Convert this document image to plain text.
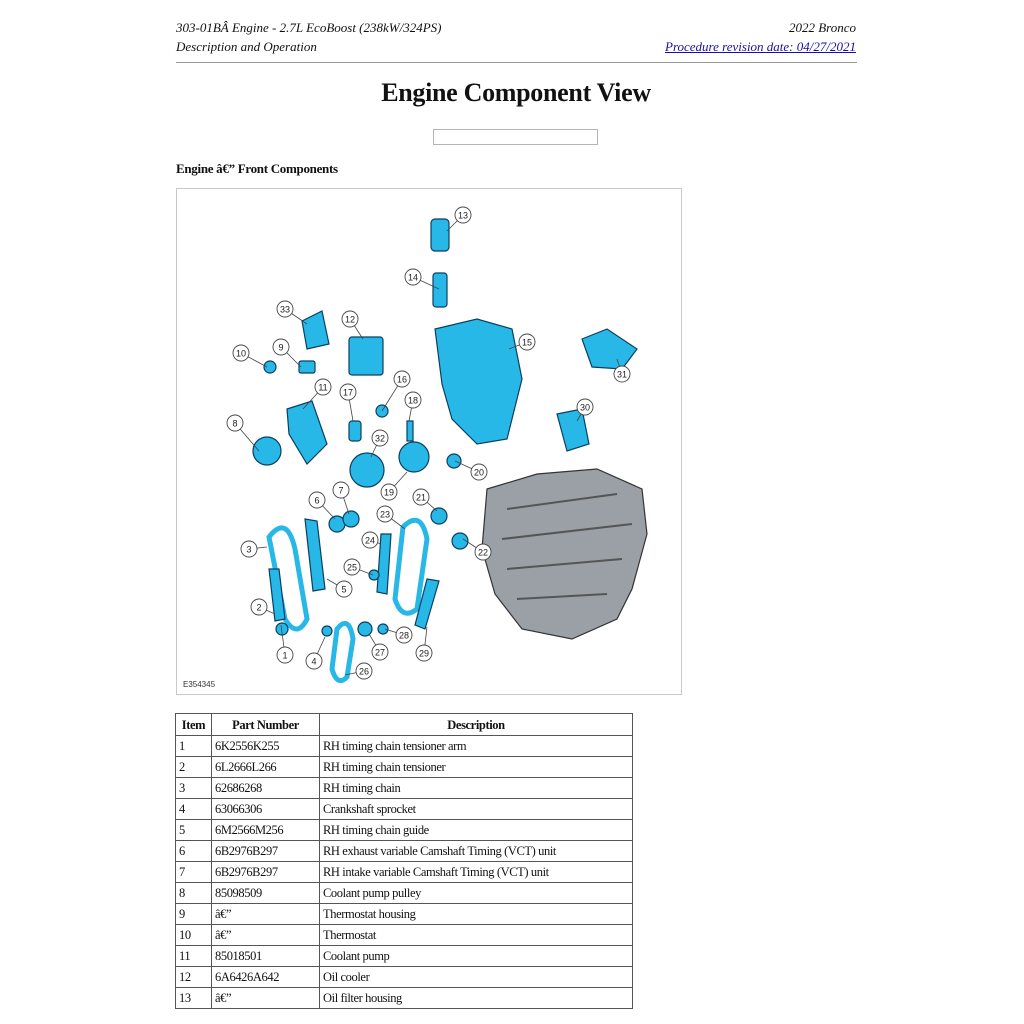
303-01BÂ Engine - 2.7L EcoBoost (238kW/324PS)
Description and Operation
2022 Bronco
Procedure revision date: 04/27/2021
Engine Component View
Engine â€” Front Components
1
2
3
4
5
6
7
8
9
10
11
12
13
14
15
16
17
18
19
20
21
22
23
24
25
26
27
28
29
30
31
32
33
E354345
Item	Part Number	Description
1	6K2556K255	RH timing chain tensioner arm
2	6L2666L266	RH timing chain tensioner
3	62686268	RH timing chain
4	63066306	Crankshaft sprocket
5	6M2566M256	RH timing chain guide
6	6B2976B297	RH exhaust variable Camshaft Timing (VCT) unit
7	6B2976B297	RH intake variable Camshaft Timing (VCT) unit
8	85098509	Coolant pump pulley
9	â€”	Thermostat housing
10	â€”	Thermostat
11	85018501	Coolant pump
12	6A6426A642	Oil cooler
13	â€”	Oil filter housing
